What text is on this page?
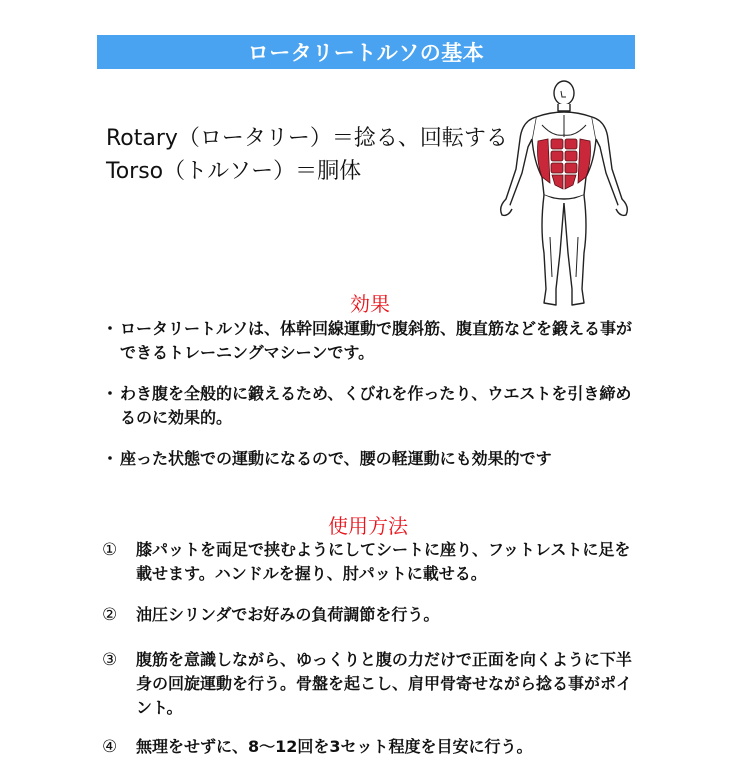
ロータリートルソの基本
Rotary（ロータリー）＝捻る、回転する
Torso（トルソー）＝胴体
効果
・ ロータリートルソは、体幹回線運動で腹斜筋、腹直筋などを鍛える事ができるトレーニングマシーンです。
・ わき腹を全般的に鍛えるため、くびれを作ったり、ウエストを引き締めるのに効果的。
・ 座った状態での運動になるので、腰の軽運動にも効果的です
使用方法
①	膝パットを両足で挟むようにしてシートに座り、フットレストに足を載せます。ハンドルを握り、肘パットに載せる。
②	油圧シリンダでお好みの負荷調節を行う。
③	腹筋を意識しながら、ゆっくりと腹の力だけで正面を向くように下半身の回旋運動を行う。骨盤を起こし、肩甲骨寄せながら捻る事がポイント。
④	無理をせずに、8〜12回を3セット程度を目安に行う。
